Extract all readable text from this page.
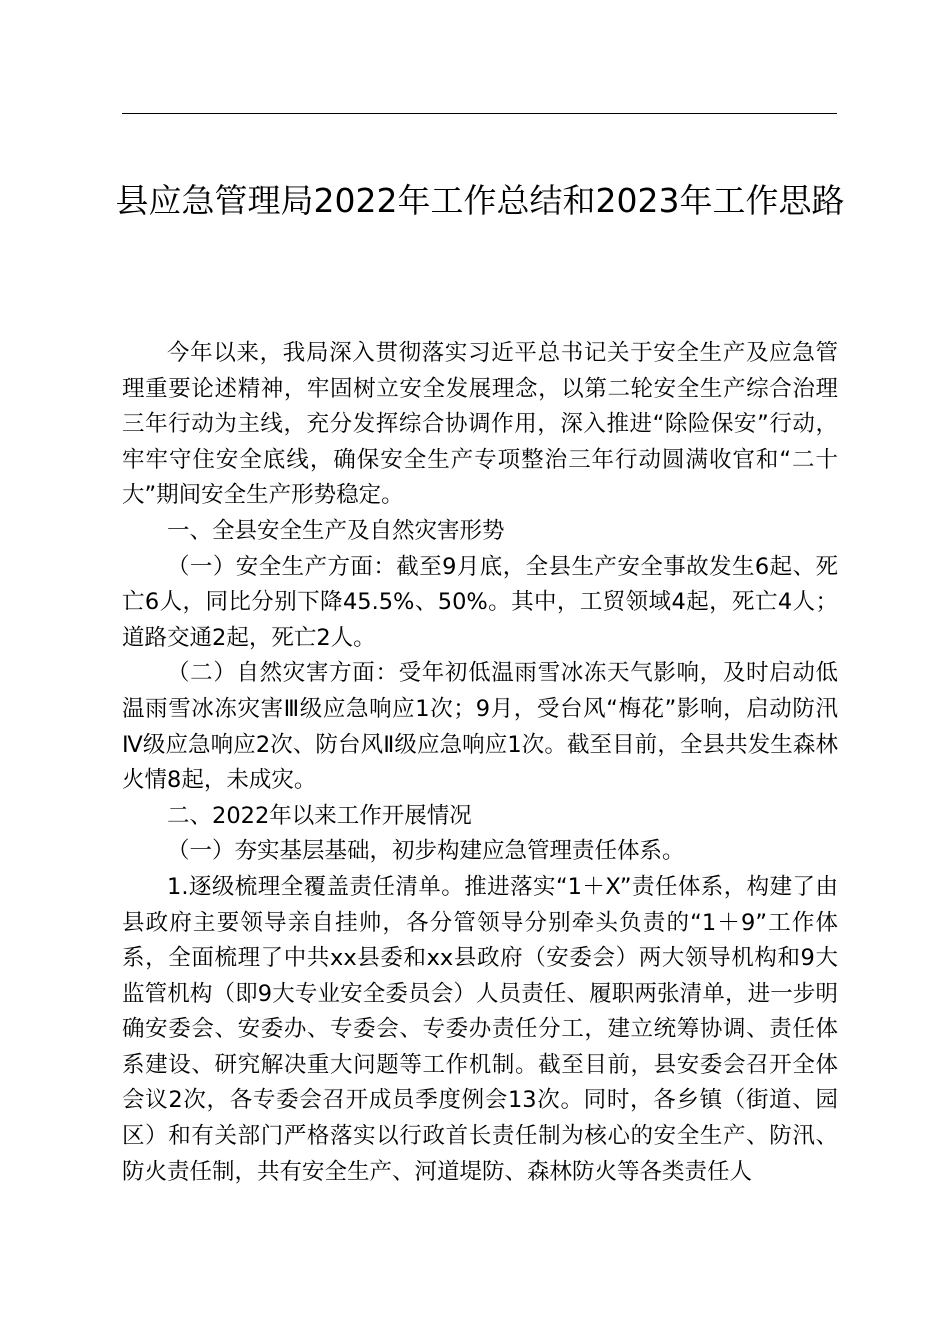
县应急管理局2022年工作总结和2023年工作思路

今年以来，我局深入贯彻落实习近平总书记关于安全生产及应急管理重要论述精神，牢固树立安全发展理念，以第二轮安全生产综合治理三年行动为主线，充分发挥综合协调作用，深入推进“除险保安”行动，牢牢守住安全底线，确保安全生产专项整治三年行动圆满收官和“二十大”期间安全生产形势稳定。

一、全县安全生产及自然灾害形势

（一）安全生产方面：截至9月底，全县生产安全事故发生6起、死亡6人，同比分别下降45.5%、50%。其中，工贸领域4起，死亡4人；道路交通2起，死亡2人。

（二）自然灾害方面：受年初低温雨雪冰冻天气影响，及时启动低温雨雪冰冻灾害Ⅲ级应急响应1次；9月，受台风“梅花”影响，启动防汛Ⅳ级应急响应2次、防台风Ⅱ级应急响应1次。截至目前，全县共发生森林火情8起，未成灾。

二、2022年以来工作开展情况

（一）夯实基层基础，初步构建应急管理责任体系。

1.逐级梳理全覆盖责任清单。推进落实“1＋X”责任体系，构建了由县政府主要领导亲自挂帅，各分管领导分别牵头负责的“1＋9”工作体系，全面梳理了中共xx县委和xx县政府（安委会）两大领导机构和9大监管机构（即9大专业安全委员会）人员责任、履职两张清单，进一步明确安委会、安委办、专委会、专委办责任分工，建立统筹协调、责任体系建设、研究解决重大问题等工作机制。截至目前，县安委会召开全体会议2次，各专委会召开成员季度例会13次。同时，各乡镇（街道、园区）和有关部门严格落实以行政首长责任制为核心的安全生产、防汛、防火责任制，共有安全生产、河道堤防、森林防火等各类责任人
